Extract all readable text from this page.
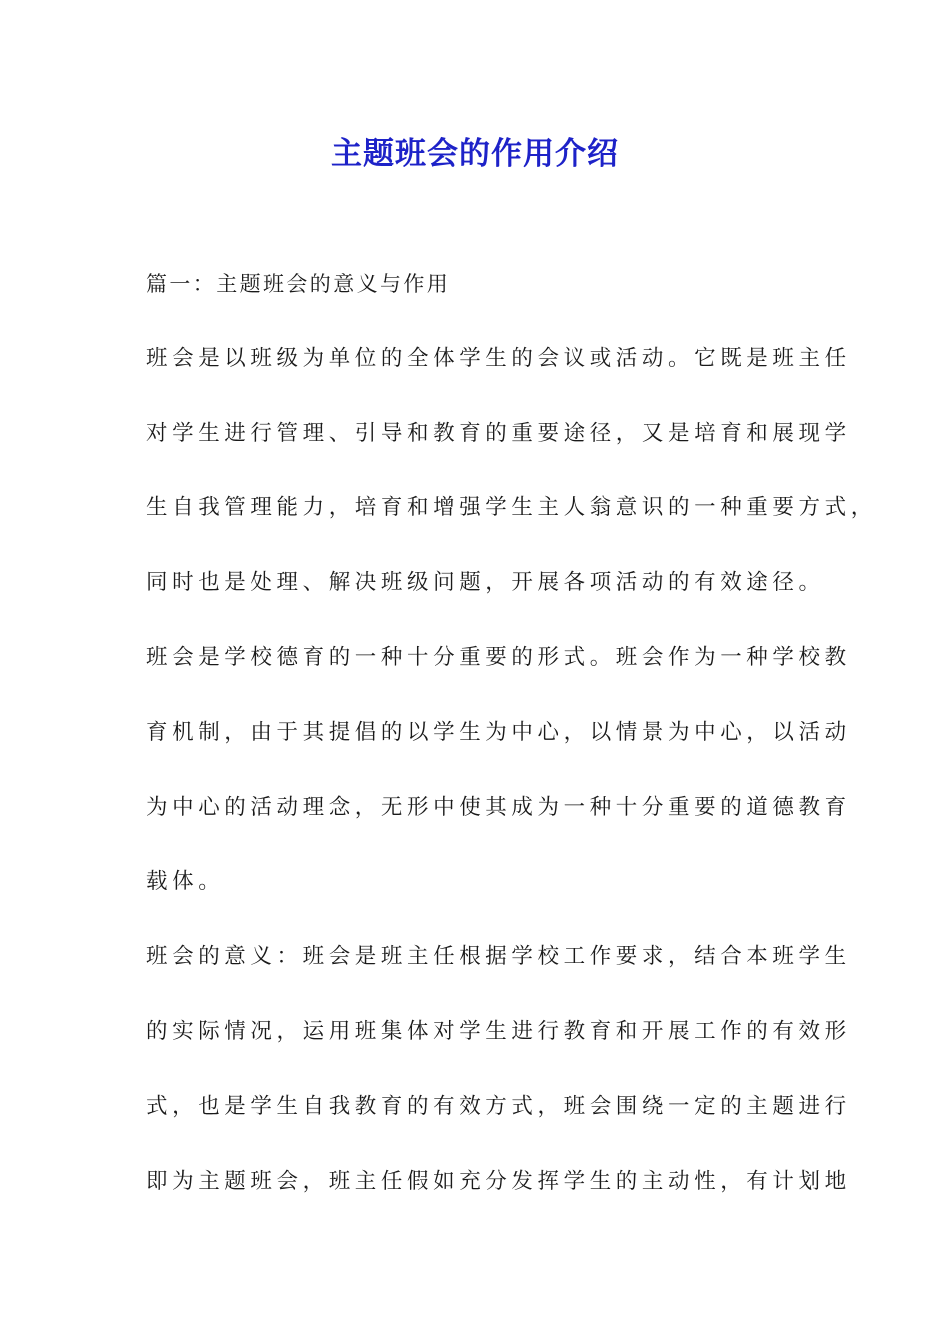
主题班会的作用介绍
篇一：主题班会的意义与作用
班会是以班级为单位的全体学生的会议或活动。它既是班主任
对学生进行管理、引导和教育的重要途径，又是培育和展现学
生自我管理能力，培育和增强学生主人翁意识的一种重要方式，
同时也是处理、解决班级问题，开展各项活动的有效途径。
班会是学校德育的一种十分重要的形式。班会作为一种学校教
育机制，由于其提倡的以学生为中心，以情景为中心，以活动
为中心的活动理念，无形中使其成为一种十分重要的道德教育
载体。
班会的意义：班会是班主任根据学校工作要求，结合本班学生
的实际情况，运用班集体对学生进行教育和开展工作的有效形
式，也是学生自我教育的有效方式，班会围绕一定的主题进行
即为主题班会，班主任假如充分发挥学生的主动性，有计划地
